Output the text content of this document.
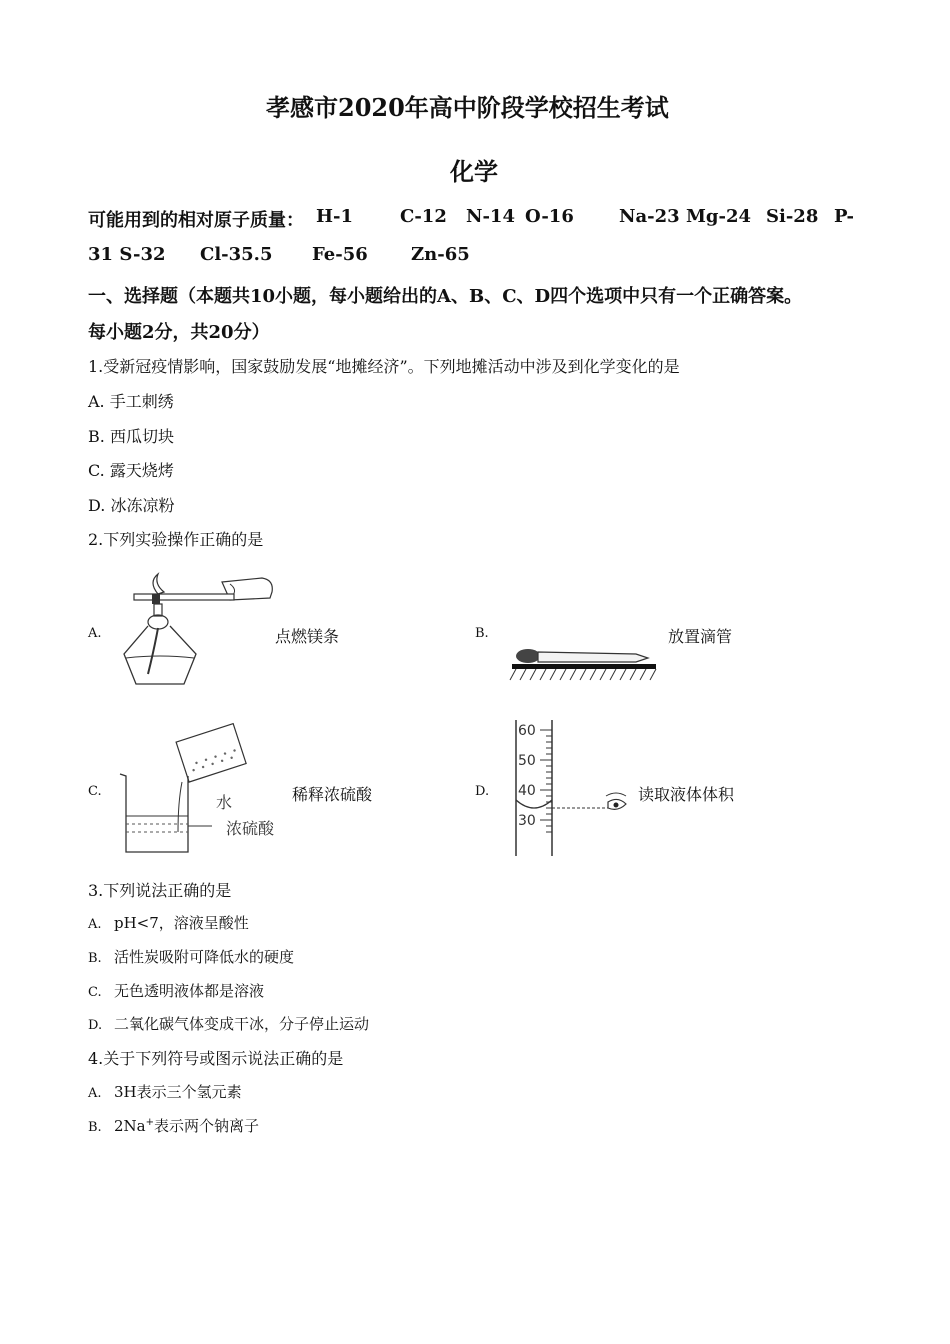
孝感市2020年高中阶段学校招生考试
化学
可能用到的相对原子质量： H-1	C-12 N-14 O-16	Na-23 Mg-24 Si-28 P-
31 S-32 Cl-35.5 Fe-56 Zn-65
一、选择题（本题共10小题，每小题给出的A、B、C、D四个选项中只有一个正确答案。
每小题2分，共20分）
1.受新冠疫情影响，国家鼓励发展“地摊经济”。下列地摊活动中涉及到化学变化的是
A. 手工刺绣
B. 西瓜切块
C. 露天烧烤
D. 冰冻凉粉
2.下列实验操作正确的是
A.	点燃镁条	B.	放置滴管
C.
水
浓硫酸
稀释浓硫酸	D.
60
50
40
30
读取液体体积
3.下列说法正确的是
A. pH<7，溶液呈酸性
B. 活性炭吸附可降低水的硬度
C. 无色透明液体都是溶液
D. 二氧化碳气体变成干冰，分子停止运动
4.关于下列符号或图示说法正确的是
A. 3H表示三个氢元素
B. 2Na+表示两个钠离子
